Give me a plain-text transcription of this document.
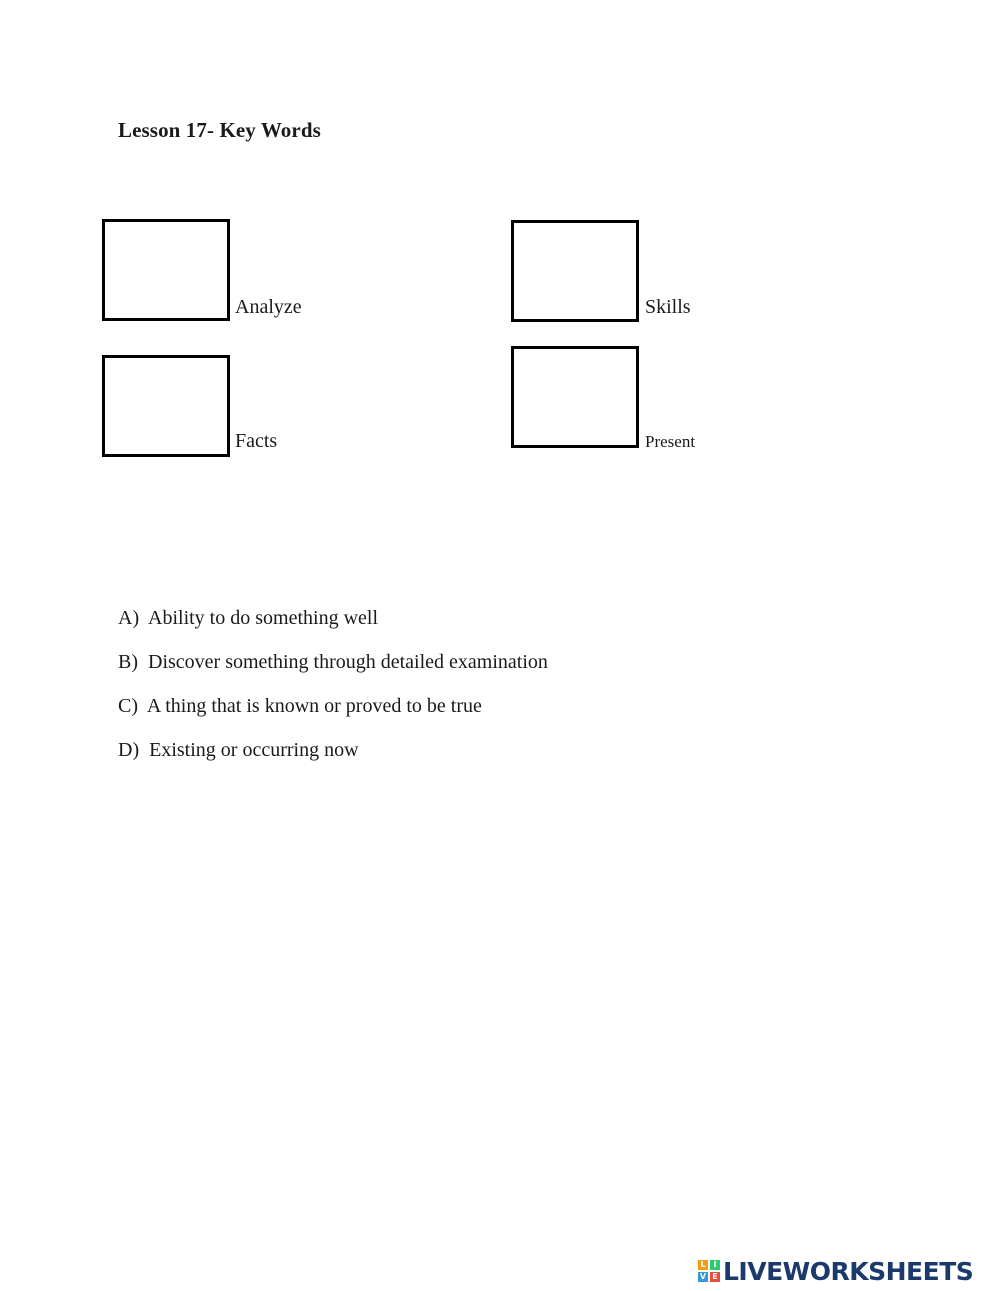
Lesson 17- Key Words
Analyze	Skills
Facts	Present
A) Ability to do something well
B) Discover something through detailed examination
C) A thing that is known or proved to be true
D) Existing or occurring now
L I
V E LIVEWORKSHEETS
